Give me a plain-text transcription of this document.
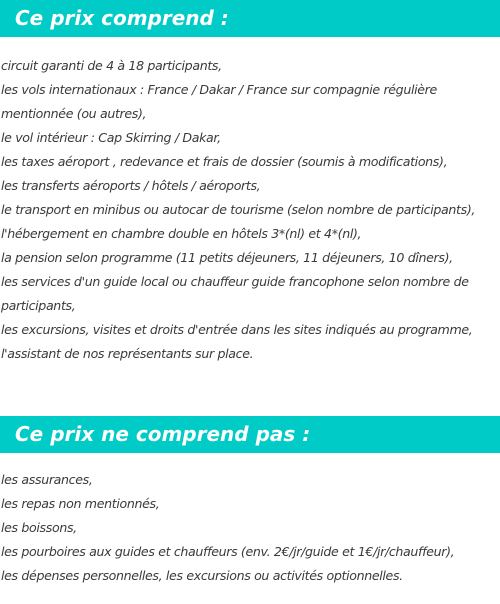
Ce prix comprend :
circuit garanti de 4 à 18 participants,
les vols internationaux : France / Dakar / France sur compagnie régulière mentionnée (ou autres),
le vol intérieur : Cap Skirring / Dakar,
les taxes aéroport , redevance et frais de dossier (soumis à modifications),
les transferts aéroports / hôtels / aéroports,
le transport en minibus ou autocar de tourisme (selon nombre de participants),
l'hébergement en chambre double en hôtels 3*(nl) et 4*(nl),
la pension selon programme (11 petits déjeuners, 11 déjeuners, 10 dîners),
les services d'un guide local ou chauffeur guide francophone selon nombre de participants,
les excursions, visites et droits d'entrée dans les sites indiqués au programme,
l'assistant de nos représentants sur place.
Ce prix ne comprend pas :
les assurances,
les repas non mentionnés,
les boissons,
les pourboires aux guides et chauffeurs (env. 2€/jr/guide et 1€/jr/chauffeur),
les dépenses personnelles, les excursions ou activités optionnelles.
